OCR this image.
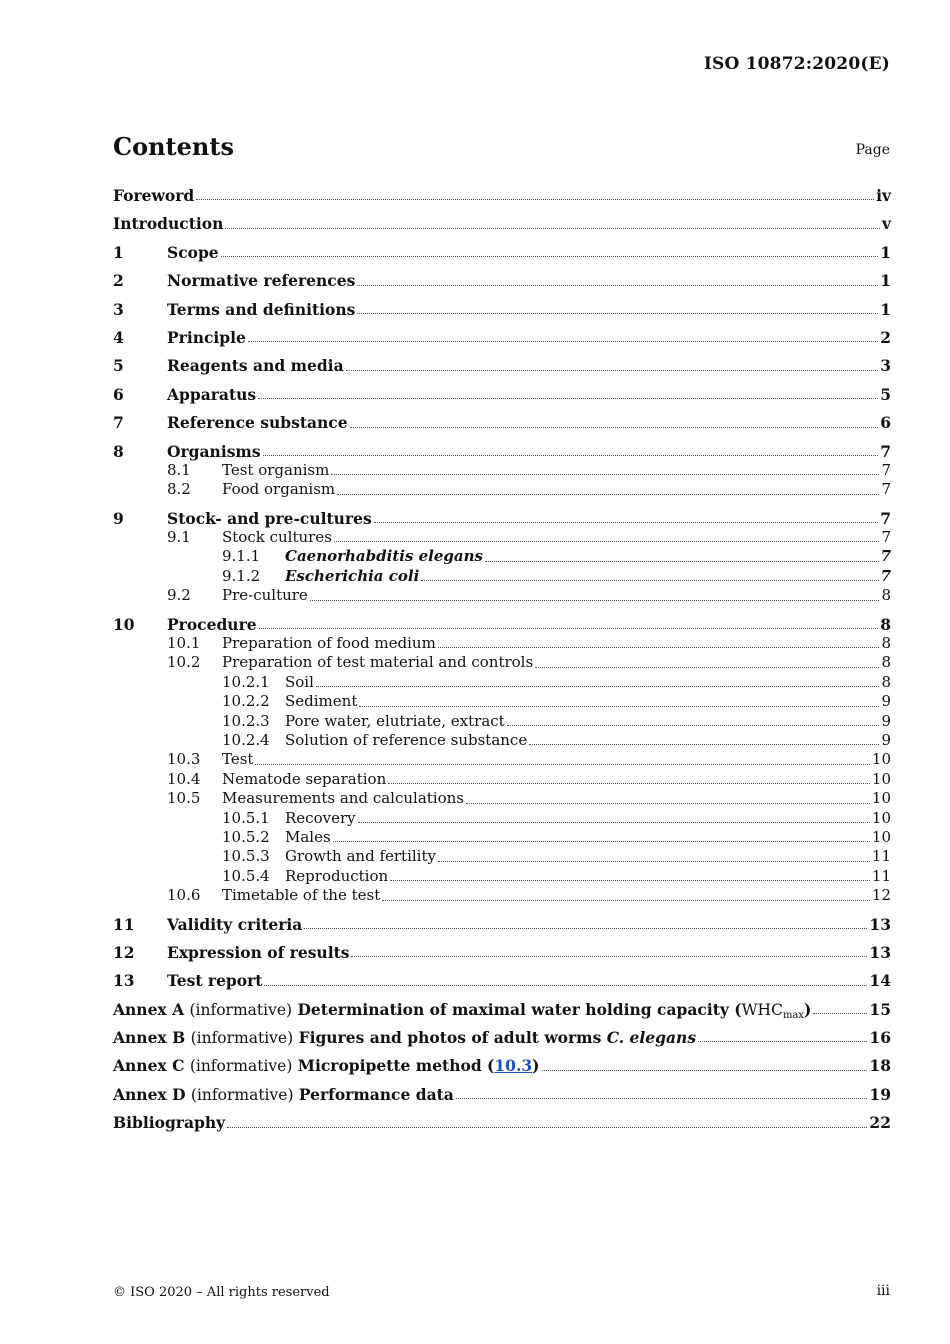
ISO 10872:2020(E)
Contents	Page
Foreword	iv
Introduction	v
1	Scope	1
2	Normative references	1
3	Terms and definitions	1
4	Principle	2
5	Reagents and media	3
6	Apparatus	5
7	Reference substance	6
8	Organisms	7
8.1	Test organism	7
8.2	Food organism	7
9	Stock- and pre-cultures	7
9.1	Stock cultures	7
9.1.1	Caenorhabditis elegans	7
9.1.2	Escherichia coli	7
9.2	Pre-culture	8
10	Procedure	8
10.1	Preparation of food medium	8
10.2	Preparation of test material and controls	8
10.2.1	Soil	8
10.2.2	Sediment	9
10.2.3	Pore water, elutriate, extract	9
10.2.4	Solution of reference substance	9
10.3	Test	10
10.4	Nematode separation	10
10.5	Measurements and calculations	10
10.5.1	Recovery	10
10.5.2	Males	10
10.5.3	Growth and fertility	11
10.5.4	Reproduction	11
10.6	Timetable of the test	12
11	Validity criteria	13
12	Expression of results	13
13	Test report	14
Annex A (informative) Determination of maximal water holding capacity $(WHC_{max})$	15
Annex B (informative) Figures and photos of adult worms C. elegans	16
Annex C (informative) Micropipette method (10.3)	18
Annex D (informative) Performance data	19
Bibliography	22
© ISO 2020 – All rights reserved	iii
